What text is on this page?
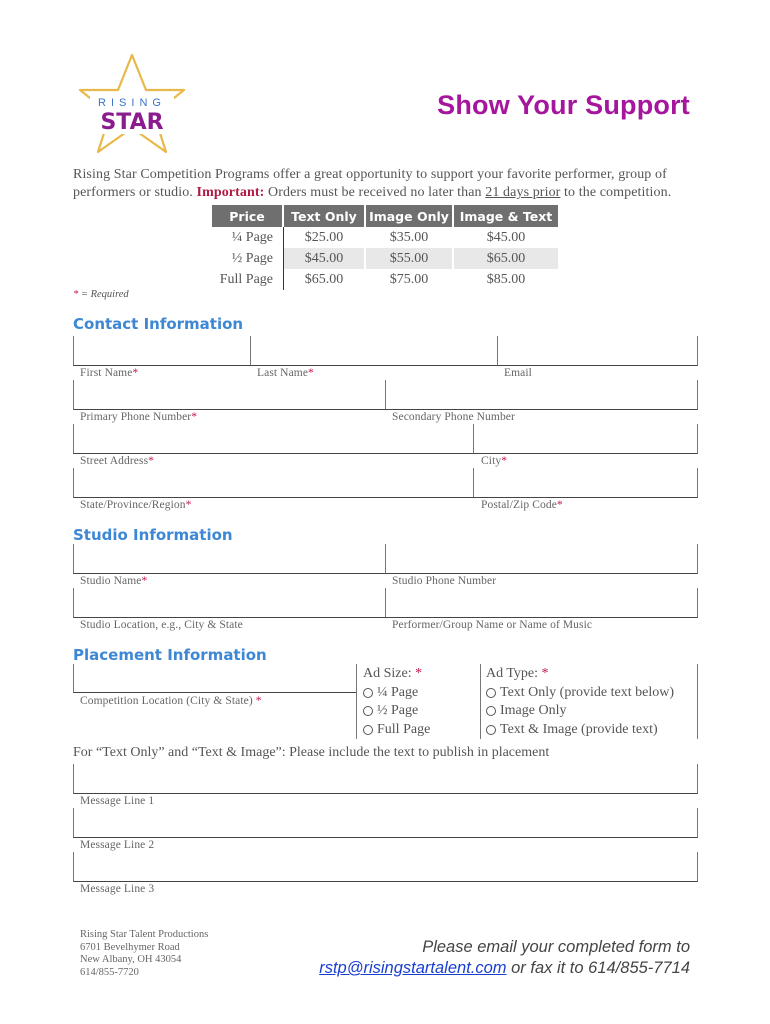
RISING
STAR
Show Your Support
Rising Star Competition Programs offer a great opportunity to support your favorite performer, group of performers or studio. Important: Orders must be received no later than 21 days prior to the competition.
Price	Text Only	Image Only	Image & Text
¼ Page	$25.00	$35.00	$45.00
½ Page	$45.00	$55.00	$65.00
Full Page	$65.00	$75.00	$85.00
* = Required
Contact Information
First Name*	Last Name*	Email
Primary Phone Number*	Secondary Phone Number
Street Address*	City*
State/Province/Region*	Postal/Zip Code*
Studio Information
Studio Name*	Studio Phone Number
Studio Location, e.g., City & State	Performer/Group Name or Name of Music
Placement Information
Competition Location (City & State) *
Ad Size: *
¼ Page
½ Page
Full Page
Ad Type: *
Text Only (provide text below)
Image Only
Text & Image (provide text)
For “Text Only” and “Text & Image”: Please include the text to publish in placement
Message Line 1
Message Line 2
Message Line 3
Rising Star Talent Productions
6701 Bevelhymer Road
New Albany, OH 43054
614/855-7720
Please email your completed form to
rstp@risingstartalent.com or fax it to 614/855-7714
